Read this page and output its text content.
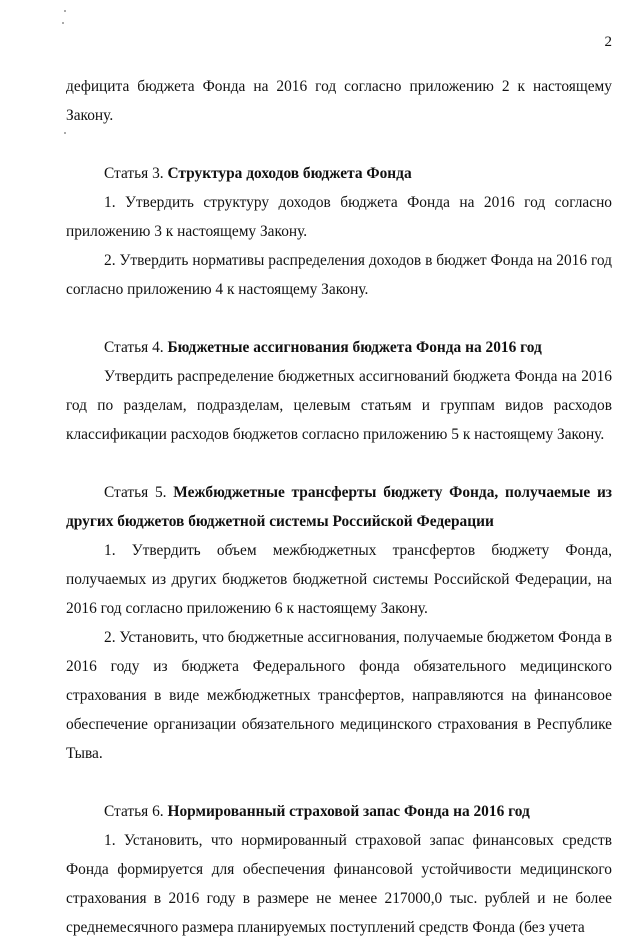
2

дефицита бюджета Фонда на 2016 год согласно приложению 2 к настоящему Закону.

Статья 3. Структура доходов бюджета Фонда

1. Утвердить структуру доходов бюджета Фонда на 2016 год согласно приложению 3 к настоящему Закону.

2. Утвердить нормативы распределения доходов в бюджет Фонда на 2016 год согласно приложению 4 к настоящему Закону.

Статья 4. Бюджетные ассигнования бюджета Фонда на 2016 год

Утвердить распределение бюджетных ассигнований бюджета Фонда на 2016 год по разделам, подразделам, целевым статьям и группам видов расходов классификации расходов бюджетов согласно приложению 5 к настоящему Закону.

Статья 5. Межбюджетные трансферты бюджету Фонда, получаемые из других бюджетов бюджетной системы Российской Федерации

1. Утвердить объем межбюджетных трансфертов бюджету Фонда, получаемых из других бюджетов бюджетной системы Российской Федерации, на 2016 год согласно приложению 6 к настоящему Закону.

2. Установить, что бюджетные ассигнования, получаемые бюджетом Фонда в 2016 году из бюджета Федерального фонда обязательного медицинского страхования в виде межбюджетных трансфертов, направляются на финансовое обеспечение организации обязательного медицинского страхования в Республике Тыва.

Статья 6. Нормированный страховой запас Фонда на 2016 год

1. Установить, что нормированный страховой запас финансовых средств Фонда формируется для обеспечения финансовой устойчивости медицинского страхования в 2016 году в размере не менее 217000,0 тыс. рублей и не более среднемесячного размера планируемых поступлений средств Фонда (без учета
